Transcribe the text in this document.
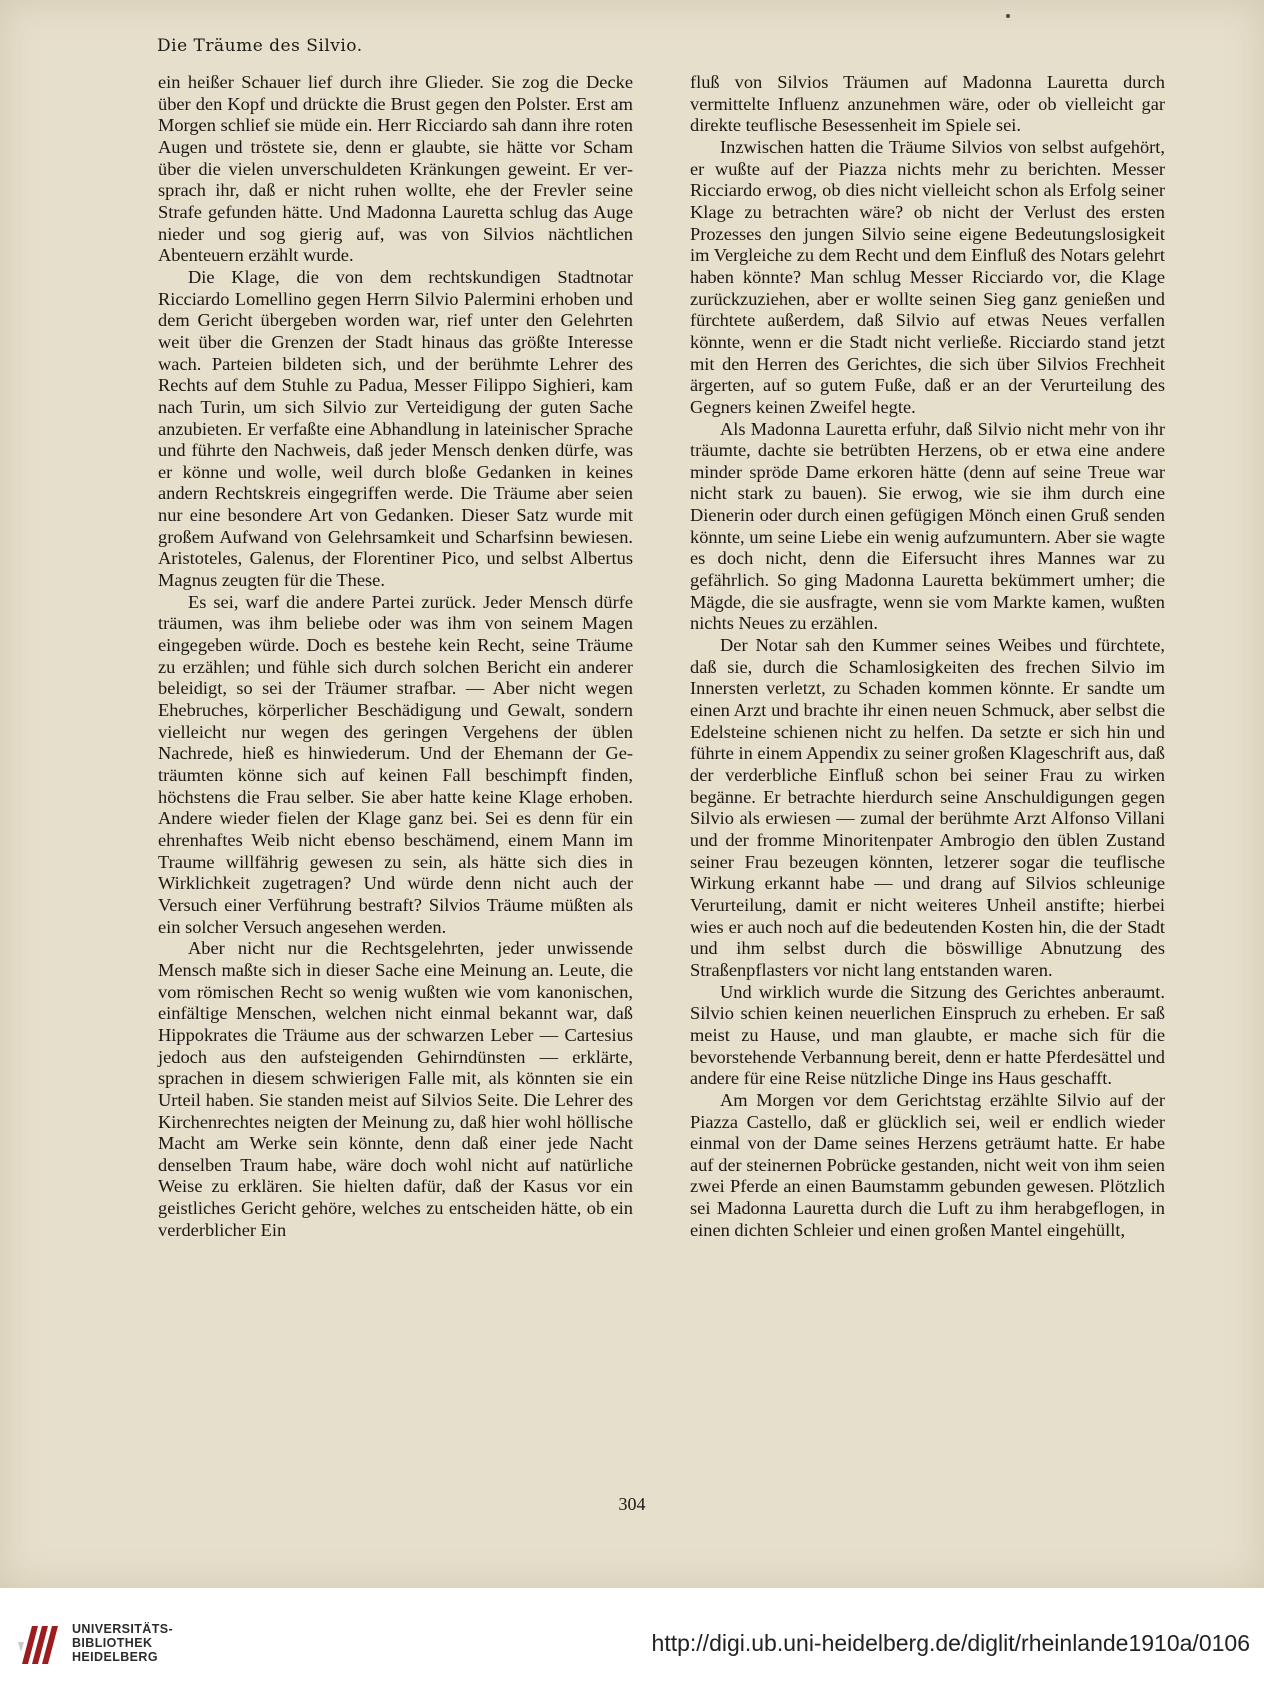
Die Träume des Silvio.

ein heißer Schauer lief durch ihre Glieder. Sie zog die Decke über den Kopf und drückte die Brust gegen den Polster. Erst am Morgen schlief sie müde ein. Herr Ricciardo sah dann ihre roten Augen und tröstete sie, denn er glaubte, sie hätte vor Scham über die vielen unverschuldeten Kränkungen geweint. Er versprach ihr, daß er nicht ruhen wollte, ehe der Frevler seine Strafe gefunden hätte. Und Madonna Lauretta schlug das Auge nieder und sog gierig auf, was von Silvios nächtlichen Abenteuern erzählt wurde.

Die Klage, die von dem rechtskundigen Stadtnotar Ricciardo Lomellino gegen Herrn Silvio Palermini erhoben und dem Gericht übergeben worden war, rief unter den Gelehrten weit über die Grenzen der Stadt hinaus das größte Interesse wach. Parteien bildeten sich, und der berühmte Lehrer des Rechts auf dem Stuhle zu Padua, Messer Filippo Sighieri, kam nach Turin, um sich Silvio zur Verteidigung der guten Sache anzubieten. Er verfaßte eine Abhandlung in lateinischer Sprache und führte den Nachweis, daß jeder Mensch denken dürfe, was er könne und wolle, weil durch bloße Gedanken in keines andern Rechtskreis eingegriffen werde. Die Träume aber seien nur eine besondere Art von Gedanken. Dieser Satz wurde mit großem Aufwand von Gelehrsamkeit und Scharfsinn bewiesen. Aristoteles, Galenus, der Florentiner Pico, und selbst Albertus Magnus zeugten für die These.

Es sei, warf die andere Partei zurück. Jeder Mensch dürfe träumen, was ihm beliebe oder was ihm von seinem Magen eingegeben würde. Doch es bestehe kein Recht, seine Träume zu erzählen; und fühle sich durch solchen Bericht ein anderer beleidigt, so sei der Träumer strafbar. — Aber nicht wegen Ehebruches, körperlicher Beschädigung und Gewalt, sondern vielleicht nur wegen des geringen Vergehens der üblen Nachrede, hieß es hinwiederum. Und der Ehemann der Geträumten könne sich auf keinen Fall beschimpft finden, höchstens die Frau selber. Sie aber hatte keine Klage erhoben. Andere wieder fielen der Klage ganz bei. Sei es denn für ein ehrenhaftes Weib nicht ebenso beschämend, einem Mann im Traume willfährig gewesen zu sein, als hätte sich dies in Wirklichkeit zugetragen? Und würde denn nicht auch der Versuch einer Verführung bestraft? Silvios Träume müßten als ein solcher Versuch angesehen werden.

Aber nicht nur die Rechtsgelehrten, jeder unwissende Mensch maßte sich in dieser Sache eine Meinung an. Leute, die vom römischen Recht so wenig wußten wie vom kanonischen, einfältige Menschen, welchen nicht einmal bekannt war, daß Hippokrates die Träume aus der schwarzen Leber — Cartesius jedoch aus den aufsteigenden Gehirndünsten — erklärte, sprachen in diesem schwierigen Falle mit, als könnten sie ein Urteil haben. Sie standen meist auf Silvios Seite. Die Lehrer des Kirchenrechtes neigten der Meinung zu, daß hier wohl höllische Macht am Werke sein könnte, denn daß einer jede Nacht denselben Traum habe, wäre doch wohl nicht auf natürliche Weise zu erklären. Sie hielten dafür, daß der Kasus vor ein geistliches Gericht gehöre, welches zu entscheiden hätte, ob ein verderblicher Ein

fluß von Silvios Träumen auf Madonna Lauretta durch vermittelte Influenz anzunehmen wäre, oder ob vielleicht gar direkte teuflische Besessenheit im Spiele sei.

Inzwischen hatten die Träume Silvios von selbst aufgehört, er wußte auf der Piazza nichts mehr zu berichten. Messer Ricciardo erwog, ob dies nicht vielleicht schon als Erfolg seiner Klage zu betrachten wäre? ob nicht der Verlust des ersten Prozesses den jungen Silvio seine eigene Bedeutungslosigkeit im Vergleiche zu dem Recht und dem Einfluß des Notars gelehrt haben könnte? Man schlug Messer Ricciardo vor, die Klage zurückzuziehen, aber er wollte seinen Sieg ganz genießen und fürchtete außerdem, daß Silvio auf etwas Neues verfallen könnte, wenn er die Stadt nicht verließe. Ricciardo stand jetzt mit den Herren des Gerichtes, die sich über Silvios Frechheit ärgerten, auf so gutem Fuße, daß er an der Verurteilung des Gegners keinen Zweifel hegte.

Als Madonna Lauretta erfuhr, daß Silvio nicht mehr von ihr träumte, dachte sie betrübten Herzens, ob er etwa eine andere minder spröde Dame erkoren hätte (denn auf seine Treue war nicht stark zu bauen). Sie erwog, wie sie ihm durch eine Dienerin oder durch einen gefügigen Mönch einen Gruß senden könnte, um seine Liebe ein wenig aufzumuntern. Aber sie wagte es doch nicht, denn die Eifersucht ihres Mannes war zu gefährlich. So ging Madonna Lauretta bekümmert umher; die Mägde, die sie ausfragte, wenn sie vom Markte kamen, wußten nichts Neues zu erzählen.

Der Notar sah den Kummer seines Weibes und fürchtete, daß sie, durch die Schamlosigkeiten des frechen Silvio im Innersten verletzt, zu Schaden kommen könnte. Er sandte um einen Arzt und brachte ihr einen neuen Schmuck, aber selbst die Edelsteine schienen nicht zu helfen. Da setzte er sich hin und führte in einem Appendix zu seiner großen Klageschrift aus, daß der verderbliche Einfluß schon bei seiner Frau zu wirken begänne. Er betrachte hierdurch seine Anschuldigungen gegen Silvio als erwiesen — zumal der berühmte Arzt Alfonso Villani und der fromme Minoritenpater Ambrogio den üblen Zustand seiner Frau bezeugen könnten, letzerer sogar die teuflische Wirkung erkannt habe — und drang auf Silvios schleunige Verurteilung, damit er nicht weiteres Unheil anstifte; hierbei wies er auch noch auf die bedeutenden Kosten hin, die der Stadt und ihm selbst durch die böswillige Abnutzung des Straßenpflasters vor nicht lang entstanden waren.

Und wirklich wurde die Sitzung des Gerichtes anberaumt. Silvio schien keinen neuerlichen Einspruch zu erheben. Er saß meist zu Hause, und man glaubte, er mache sich für die bevorstehende Verbannung bereit, denn er hatte Pferdesättel und andere für eine Reise nützliche Dinge ins Haus geschafft.

Am Morgen vor dem Gerichtstag erzählte Silvio auf der Piazza Castello, daß er glücklich sei, weil er endlich wieder einmal von der Dame seines Herzens geträumt hatte. Er habe auf der steinernen Pobrücke gestanden, nicht weit von ihm seien zwei Pferde an einen Baumstamm gebunden gewesen. Plötzlich sei Madonna Lauretta durch die Luft zu ihm herabgeflogen, in einen dichten Schleier und einen großen Mantel eingehüllt,

304
UNIVERSITÄTS-
BIBLIOTHEK
HEIDELBERG
http://digi.ub.uni-heidelberg.de/diglit/rheinlande1910a/0106
